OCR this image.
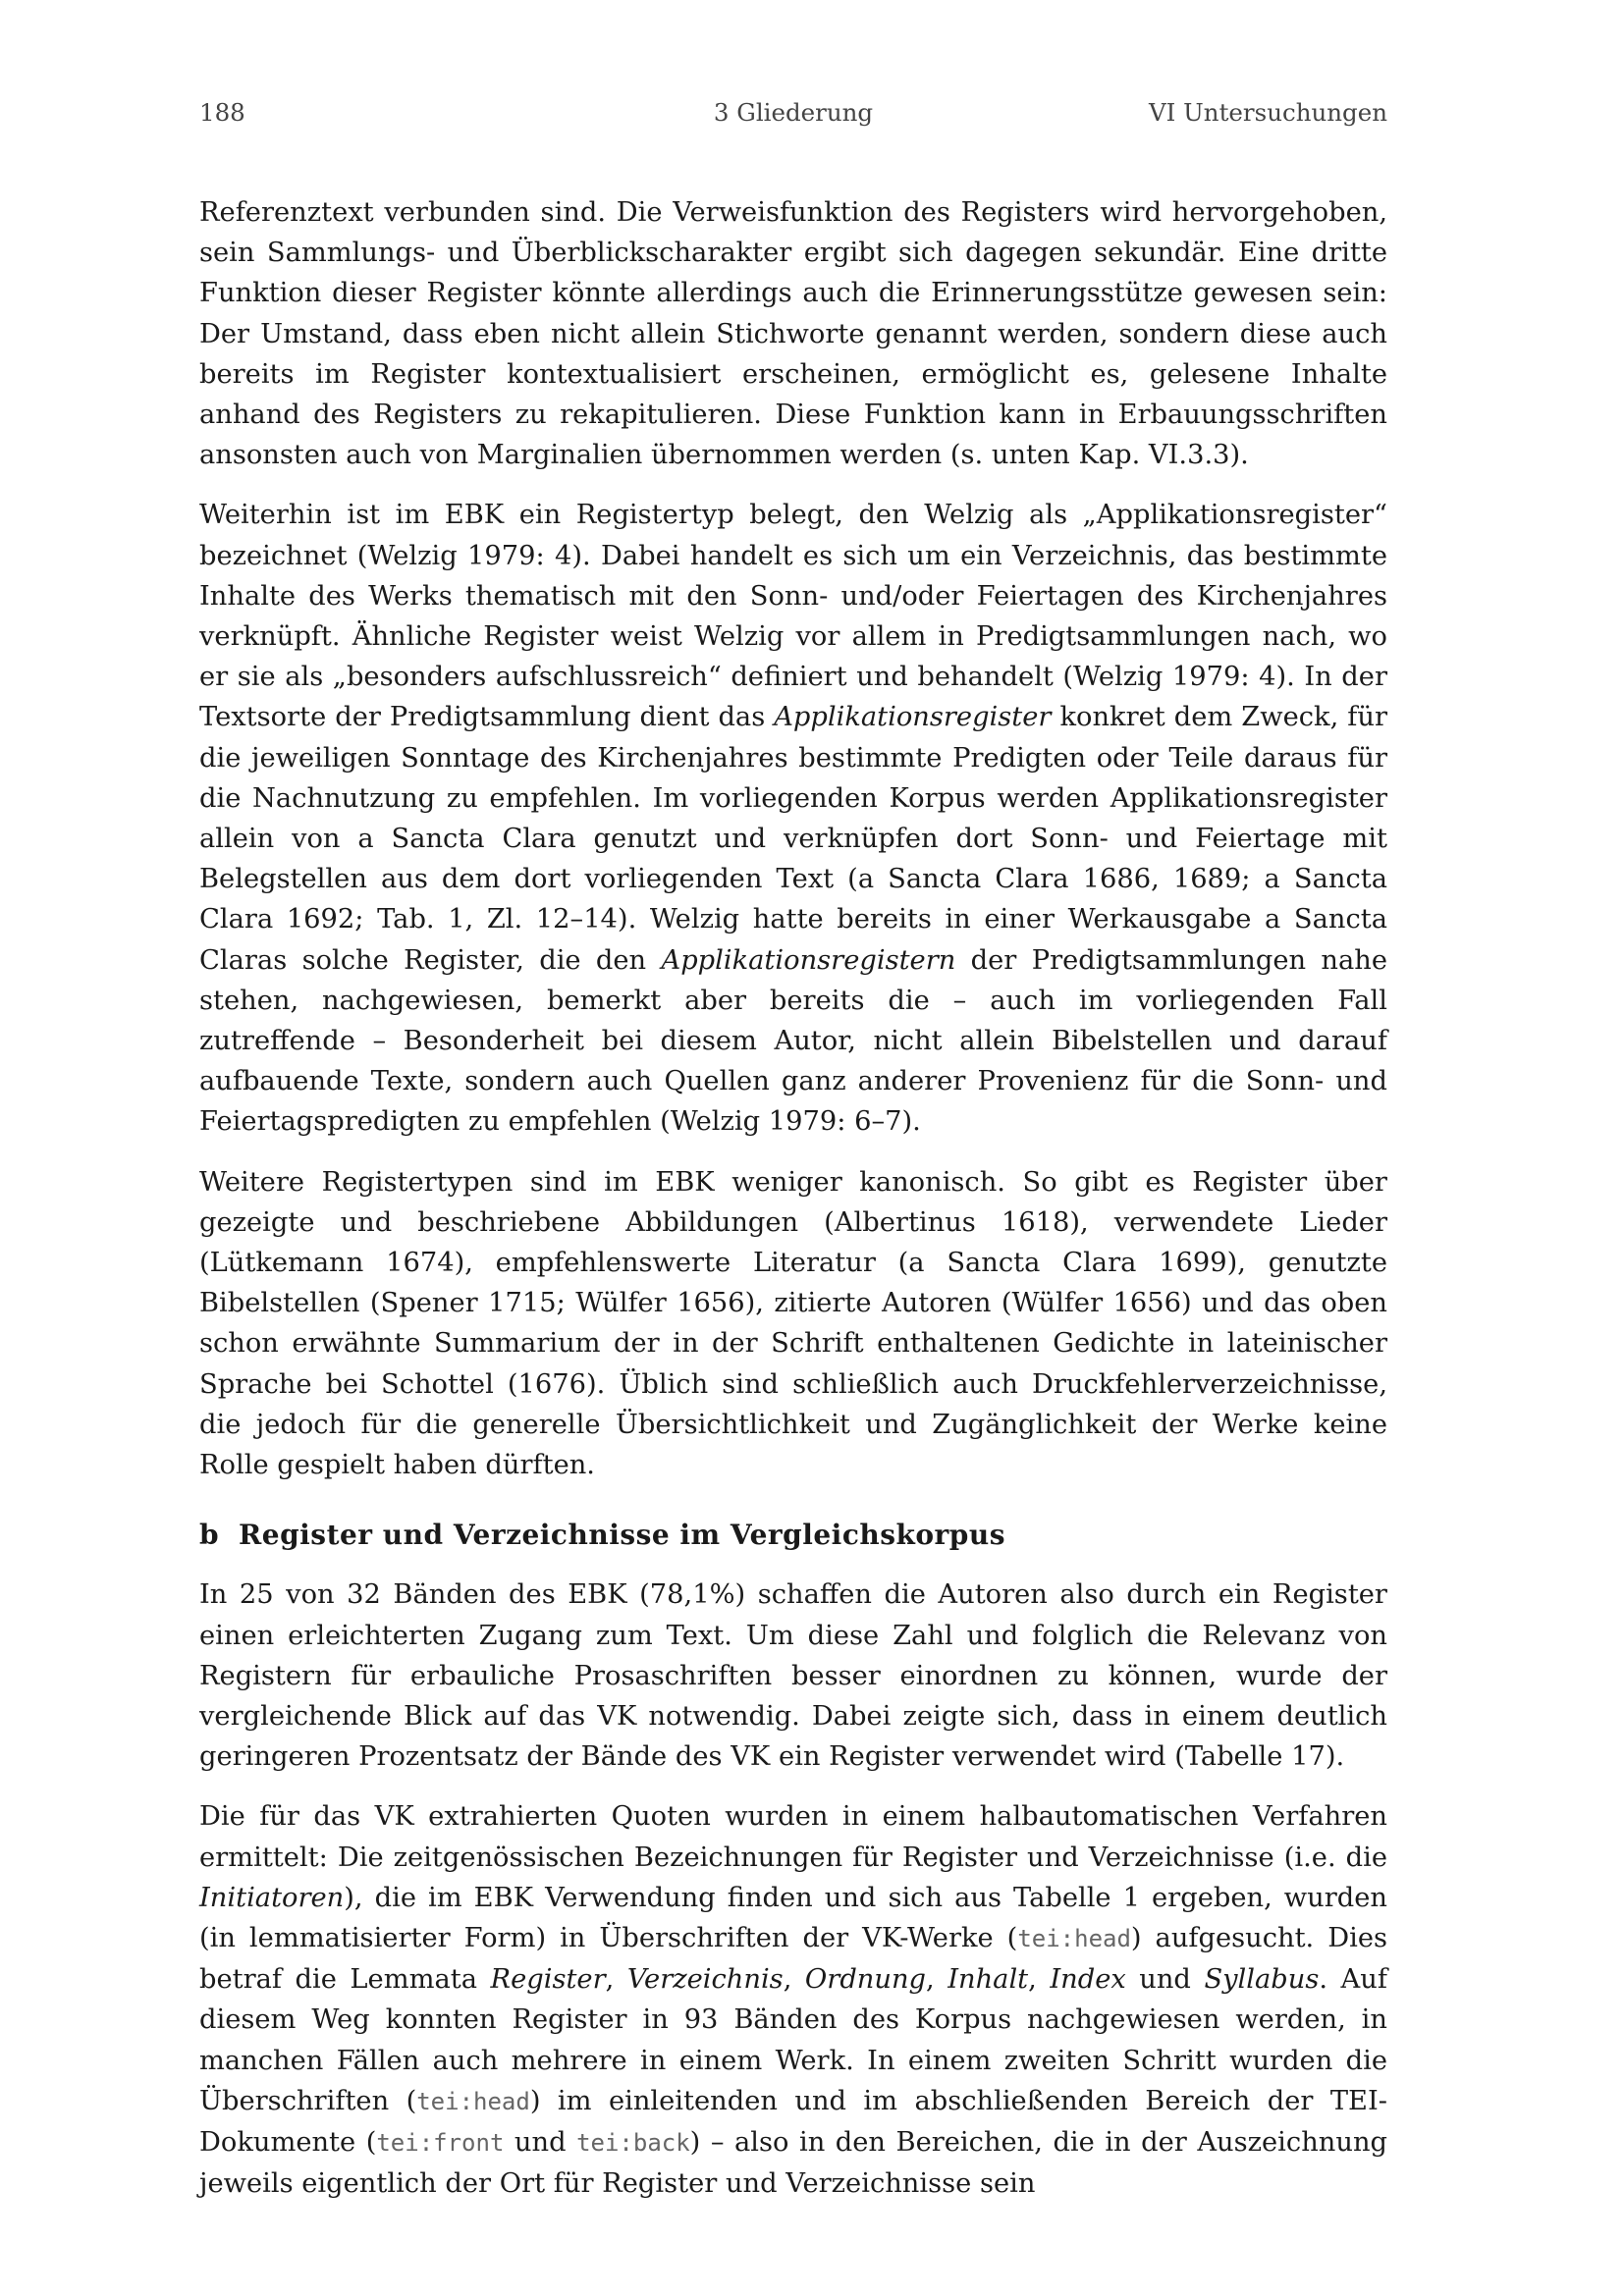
188	3 Gliederung	VI Untersuchungen

Referenztext verbunden sind. Die Verweisfunktion des Registers wird hervorgehoben, sein Sammlungs- und Überblickscharakter ergibt sich dagegen sekundär. Eine dritte Funktion dieser Register könnte allerdings auch die Erinnerungsstütze gewesen sein: Der Umstand, dass eben nicht allein Stichworte genannt werden, sondern diese auch bereits im Register kontextualisiert erscheinen, ermöglicht es, gelesene Inhalte anhand des Registers zu rekapitulieren. Diese Funktion kann in Erbauungsschriften ansonsten auch von Marginalien übernommen werden (s. unten Kap. VI.3.3).

Weiterhin ist im EBK ein Registertyp belegt, den Welzig als „Applikationsregister“ bezeichnet (Welzig 1979: 4). Dabei handelt es sich um ein Verzeichnis, das bestimmte Inhalte des Werks thematisch mit den Sonn- und/oder Feiertagen des Kirchenjahres verknüpft. Ähnliche Register weist Welzig vor allem in Predigtsammlungen nach, wo er sie als „besonders aufschlussreich“ definiert und behandelt (Welzig 1979: 4). In der Textsorte der Predigtsammlung dient das Applikationsregister konkret dem Zweck, für die jeweiligen Sonntage des Kirchenjahres bestimmte Predigten oder Teile daraus für die Nachnutzung zu empfehlen. Im vorliegenden Korpus werden Applikationsregister allein von a Sancta Clara genutzt und verknüpfen dort Sonn- und Feiertage mit Belegstellen aus dem dort vorliegenden Text (a Sancta Clara 1686, 1689; a Sancta Clara 1692; Tab. 1, Zl. 12–14). Welzig hatte bereits in einer Werkausgabe a Sancta Claras solche Register, die den Applikationsregistern der Predigtsammlungen nahe stehen, nachgewiesen, bemerkt aber bereits die – auch im vorliegenden Fall zutreffende – Besonderheit bei diesem Autor, nicht allein Bibelstellen und darauf aufbauende Texte, sondern auch Quellen ganz anderer Provenienz für die Sonn- und Feiertagspredigten zu empfehlen (Welzig 1979: 6–7).

Weitere Registertypen sind im EBK weniger kanonisch. So gibt es Register über gezeigte und beschriebene Abbildungen (Albertinus 1618), verwendete Lieder (Lütkemann 1674), empfehlenswerte Literatur (a Sancta Clara 1699), genutzte Bibelstellen (Spener 1715; Wülfer 1656), zitierte Autoren (Wülfer 1656) und das oben schon erwähnte Summarium der in der Schrift enthaltenen Gedichte in lateinischer Sprache bei Schottel (1676). Üblich sind schließlich auch Druckfehlerverzeichnisse, die jedoch für die generelle Übersichtlichkeit und Zugänglichkeit der Werke keine Rolle gespielt haben dürften.

b Register und Verzeichnisse im Vergleichskorpus

In 25 von 32 Bänden des EBK (78,1%) schaffen die Autoren also durch ein Register einen erleichterten Zugang zum Text. Um diese Zahl und folglich die Relevanz von Registern für erbauliche Prosaschriften besser einordnen zu können, wurde der vergleichende Blick auf das VK notwendig. Dabei zeigte sich, dass in einem deutlich geringeren Prozentsatz der Bände des VK ein Register verwendet wird (Tabelle 17).

Die für das VK extrahierten Quoten wurden in einem halbautomatischen Verfahren ermittelt: Die zeitgenössischen Bezeichnungen für Register und Verzeichnisse (i.e. die Initiatoren), die im EBK Verwendung finden und sich aus Tabelle 1 ergeben, wurden (in lemmatisierter Form) in Überschriften der VK-Werke (tei:head) aufgesucht. Dies betraf die Lemmata Register, Verzeichnis, Ordnung, Inhalt, Index und Syllabus. Auf diesem Weg konnten Register in 93 Bänden des Korpus nachgewiesen werden, in manchen Fällen auch mehrere in einem Werk. In einem zweiten Schritt wurden die Überschriften (tei:head) im einleitenden und im abschließenden Bereich der TEI-Dokumente (tei:front und tei:back) – also in den Bereichen, die in der Auszeichnung jeweils eigentlich der Ort für Register und Verzeichnisse sein
